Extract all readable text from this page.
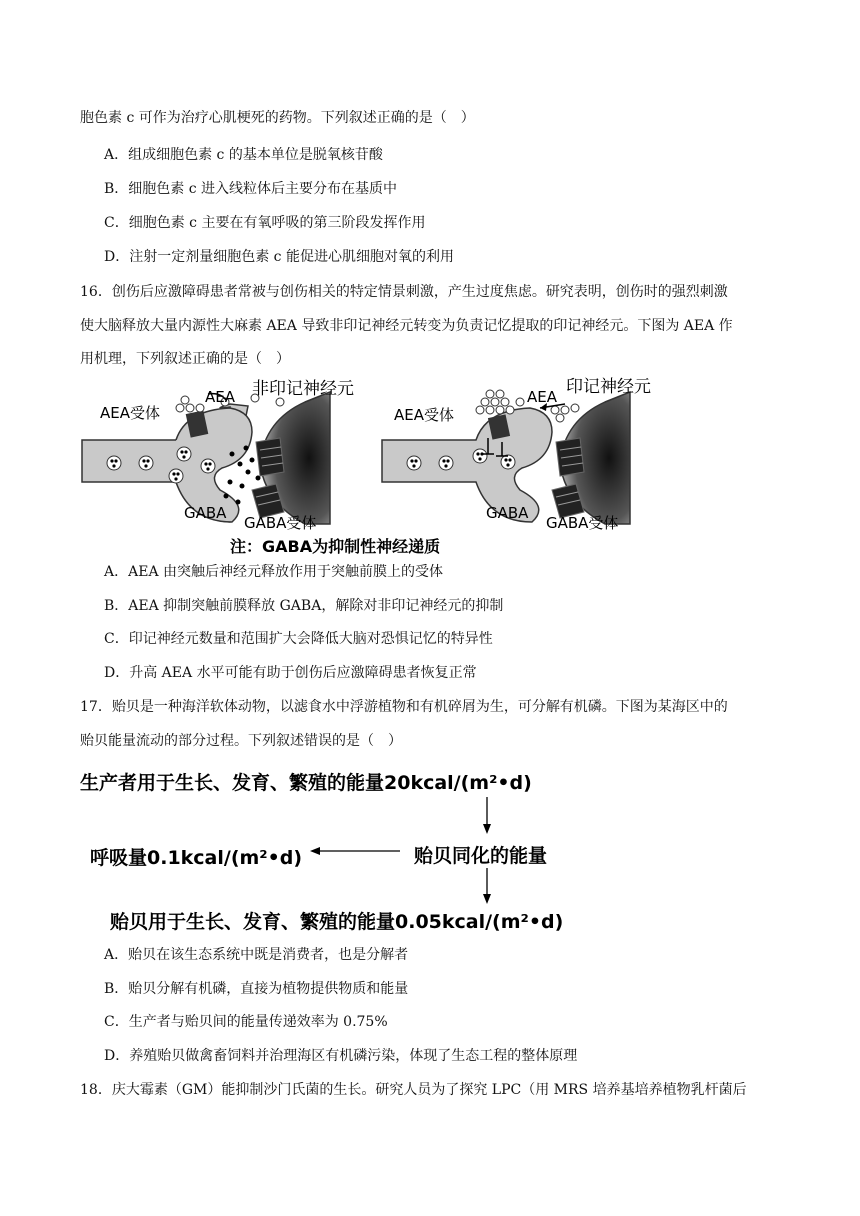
胞色素 c 可作为治疗心肌梗死的药物。下列叙述正确的是（　）
A．组成细胞色素 c 的基本单位是脱氧核苷酸
B．细胞色素 c 进入线粒体后主要分布在基质中
C．细胞色素 c 主要在有氧呼吸的第三阶段发挥作用
D．注射一定剂量细胞色素 c 能促进心肌细胞对氧的利用
16．创伤后应激障碍患者常被与创伤相关的特定情景刺激，产生过度焦虑。研究表明，创伤时的强烈刺激
使大脑释放大量内源性大麻素 AEA 导致非印记神经元转变为负责记忆提取的印记神经元。下图为 AEA 作
用机理，下列叙述正确的是（　）
非印记神经元
AEA
AEA受体
GABA
GABA受体
印记神经元
AEA
AEA受体
GABA
GABA受体
注：GABA为抑制性神经递质
A．AEA 由突触后神经元释放作用于突触前膜上的受体
B．AEA 抑制突触前膜释放 GABA，解除对非印记神经元的抑制
C．印记神经元数量和范围扩大会降低大脑对恐惧记忆的特异性
D．升高 AEA 水平可能有助于创伤后应激障碍患者恢复正常
17．贻贝是一种海洋软体动物，以滤食水中浮游植物和有机碎屑为生，可分解有机磷。下图为某海区中的
贻贝能量流动的部分过程。下列叙述错误的是（　）
生产者用于生长、发育、繁殖的能量20kcal/(m²•d)
呼吸量0.1kcal/(m²•d)	贻贝同化的能量
贻贝用于生长、发育、繁殖的能量0.05kcal/(m²•d)
A．贻贝在该生态系统中既是消费者，也是分解者
B．贻贝分解有机磷，直接为植物提供物质和能量
C．生产者与贻贝间的能量传递效率为 0.75%
D．养殖贻贝做禽畜饲料并治理海区有机磷污染，体现了生态工程的整体原理
18．庆大霉素（GM）能抑制沙门氏菌的生长。研究人员为了探究 LPC（用 MRS 培养基培养植物乳杆菌后
